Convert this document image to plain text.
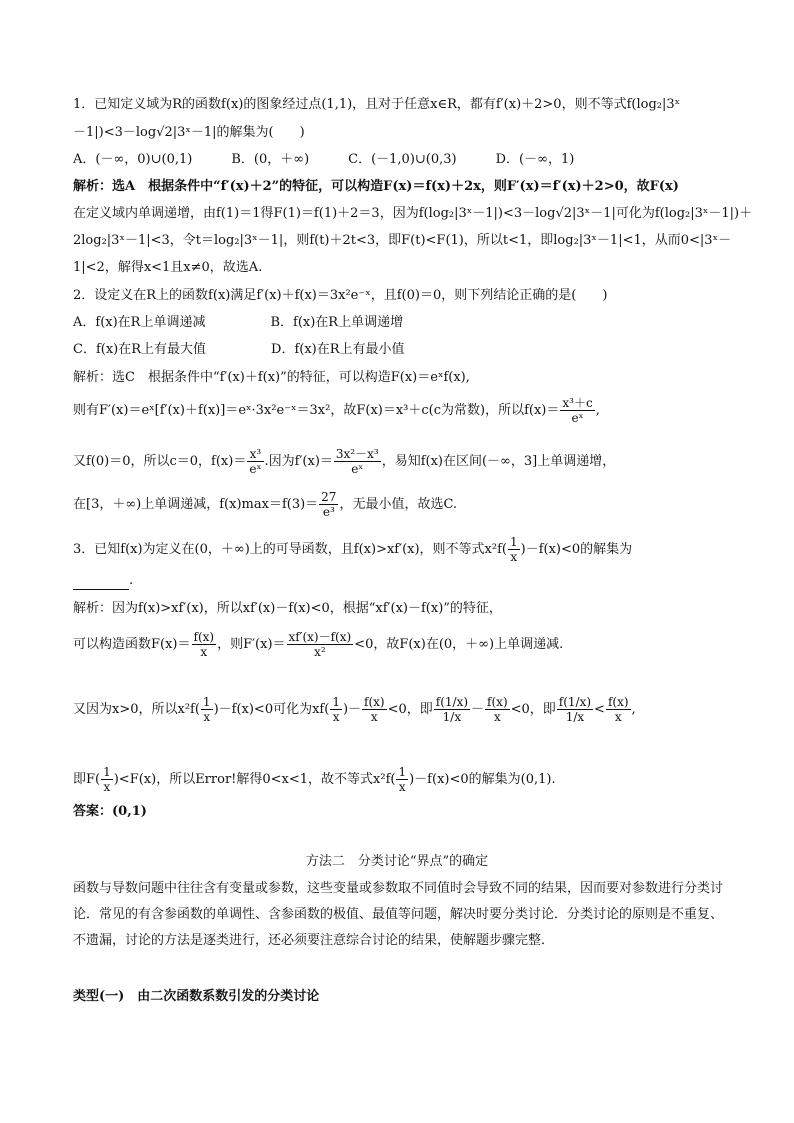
1．已知定义域为R的函数f(x)的图象经过点(1,1)，且对于任意x∈R，都有f′(x)＋2>0，则不等式f(log₂|3ˣ
－1|)<3－log√2|3ˣ－1|的解集为(　　)
A．(－∞，0)∪(0,1)　　　B．(0，＋∞)　　　C．(－1,0)∪(0,3)　　　D．(－∞，1)
解析：选A　根据条件中“f′(x)＋2”的特征，可以构造F(x)＝f(x)＋2x，则F′(x)＝f′(x)＋2>0，故F(x)
在定义域内单调递增，由f(1)＝1得F(1)＝f(1)＋2＝3，因为f(log₂|3ˣ－1|)<3－log√2|3ˣ－1|可化为f(log₂|3ˣ－1|)＋
2log₂|3ˣ－1|<3，令t＝log₂|3ˣ－1|，则f(t)＋2t<3，即F(t)<F(1)，所以t<1，即log₂|3ˣ－1|<1，从而0<|3ˣ－
1|<2，解得x<1且x≠0，故选A.
2．设定义在R上的函数f(x)满足f′(x)＋f(x)＝3x²e⁻ˣ，且f(0)＝0，则下列结论正确的是(　　)
A．f(x)在R上单调递减　　　　　B．f(x)在R上单调递增
C．f(x)在R上有最大值　　　　　D．f(x)在R上有最小值
解析：选C　根据条件中“f′(x)＋f(x)”的特征，可以构造F(x)＝eˣf(x),
则有F′(x)＝eˣ[f′(x)＋f(x)]＝eˣ·3x²e⁻ˣ＝3x²，故F(x)＝x³＋c(c为常数)，所以$f(x)= \frac{\text{x³＋c}}{\text{eˣ}}$ ,
又f(0)＝0，所以c＝0，$f(x)= \frac{\text{x³}}{\text{eˣ}}$ .因为$f'(x)= \frac{\text{3x²－x³}}{\text{eˣ}}$ ，易知f(x)在区间(－∞，3]上单调递增，
在[3，＋∞)上单调递减，$f(x)\max=f(3)= \frac{27}{\text{e³}}$ ，无最小值，故选C.
3．已知f(x)为定义在(0，＋∞)上的可导函数，且f(x)>xf′(x)，则不等式$x^2f( \frac{1}{x} )-f(x)<0$的解集为
.
解析：因为f(x)>xf′(x)，所以xf′(x)－f(x)<0，根据“xf′(x)－f(x)”的特征，
可以构造函数$F(x)= \frac{f(x)}{x}$ ，则$F'(x)= \frac{xf'(x)-f(x)}{\text{x²}} <0$，故F(x)在(0，＋∞)上单调递减.
又因为x>0，所以$x^2f( \frac{1}{x} )-f(x)<0$可化为$xf( \frac{1}{x}$ )－ $\frac{f(x)}{x} <0$，即 $\frac{f(1/x)}{1/x} - \frac{f(x)}{x} <0$，即 $\frac{f(1/x)}{1/x} < \frac{f(x)}{x}$ ,
即$F( \frac{1}{x} )<F(x)$，所以Error!解得0<x<1，故不等式$x^2f( \frac{1}{x} )-f(x)<0$的解集为(0,1).
答案：(0,1)
方法二　分类讨论“界点”的确定
函数与导数问题中往往含有变量或参数，这些变量或参数取不同值时会导致不同的结果，因而要对参数进行分类讨论．常见的有含参函数的单调性、含参函数的极值、最值等问题，解决时要分类讨论．分类讨论的原则是不重复、不遗漏，讨论的方法是逐类进行，还必须要注意综合讨论的结果，使解题步骤完整．
类型(一)　由二次函数系数引发的分类讨论
